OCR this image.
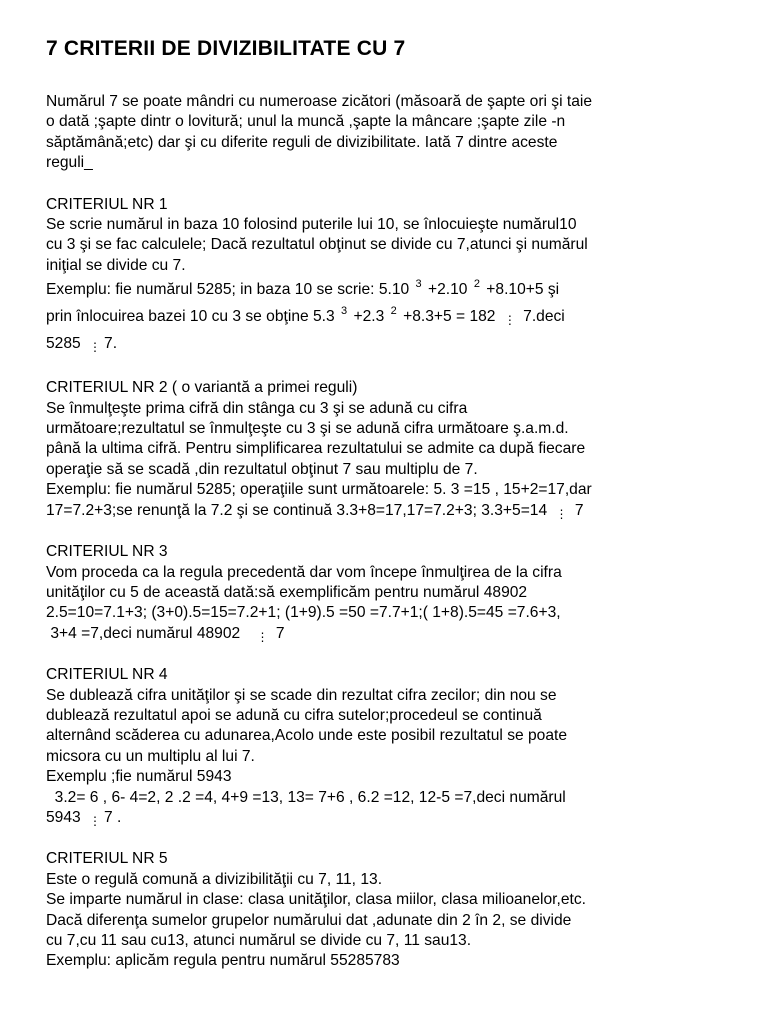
7 CRITERII DE DIVIZIBILITATE CU 7
Numărul 7 se poate mândri cu numeroase zicători (măsoară de şapte ori şi taie
o dată ;şapte dintr o lovitură; unul la muncă ,şapte la mâncare ;şapte zile -n
săptămână;etc) dar şi cu diferite reguli de divizibilitate. Iată 7 dintre aceste
reguli_
CRITERIUL NR 1
Se scrie numărul in baza 10 folosind puterile lui 10, se înlocuieşte numărul10
cu 3 şi se fac calculele; Dacă rezultatul obţinut se divide cu 7,atunci şi numărul
iniţial se divide cu 7.
Exemplu: fie numărul 5285; in baza 10 se scrie: 5.10 $^3$ +2.10 $^2$ +8.10+5 şi
prin înlocuirea bazei 10 cu 3 se obţine 5.3 $^3$ +2.3 $^2$ +8.3+5 = 182 ⋮ 7.deci
5285 ⋮ 7.
CRITERIUL NR 2 ( o variantă a primei reguli)
Se înmulţeşte prima cifră din stânga cu 3 şi se adună cu cifra
următoare;rezultatul se înmulţeşte cu 3 şi se adună cifra următoare ş.a.m.d.
până la ultima cifră. Pentru simplificarea rezultatului se admite ca după fiecare
operaţie să se scadă ,din rezultatul obţinut 7 sau multiplu de 7.
Exemplu: fie numărul 5285; operaţiile sunt următoarele: 5. 3 =15 , 15+2=17,dar
17=7.2+3;se renunţă la 7.2 şi se continuă 3.3+8=17,17=7.2+3; 3.3+5=14 ⋮ 7
CRITERIUL NR 3
Vom proceda ca la regula precedentă dar vom începe înmulţirea de la cifra
unităţilor cu 5 de această dată:să exemplificăm pentru numărul 48902
2.5=10=7.1+3; (3+0).5=15=7.2+1; (1+9).5 =50 =7.7+1;( 1+8).5=45 =7.6+3,
3+4 =7,deci numărul 48902 ⋮ 7
CRITERIUL NR 4
Se dublează cifra unităţilor şi se scade din rezultat cifra zecilor; din nou se
dublează rezultatul apoi se adună cu cifra sutelor;procedeul se continuă
alternând scăderea cu adunarea,Acolo unde este posibil rezultatul se poate
micsora cu un multiplu al lui 7.
Exemplu ;fie numărul 5943
3.2= 6 , 6- 4=2, 2 .2 =4, 4+9 =13, 13= 7+6 , 6.2 =12, 12-5 =7,deci numărul
5943 ⋮ 7 .
CRITERIUL NR 5
Este o regulă comună a divizibilităţii cu 7, 11, 13.
Se imparte numărul in clase: clasa unităţilor, clasa miilor, clasa milioanelor,etc.
Dacă diferenţa sumelor grupelor numărului dat ,adunate din 2 în 2, se divide
cu 7,cu 11 sau cu13, atunci numărul se divide cu 7, 11 sau13.
Exemplu: aplicăm regula pentru numărul 55285783
